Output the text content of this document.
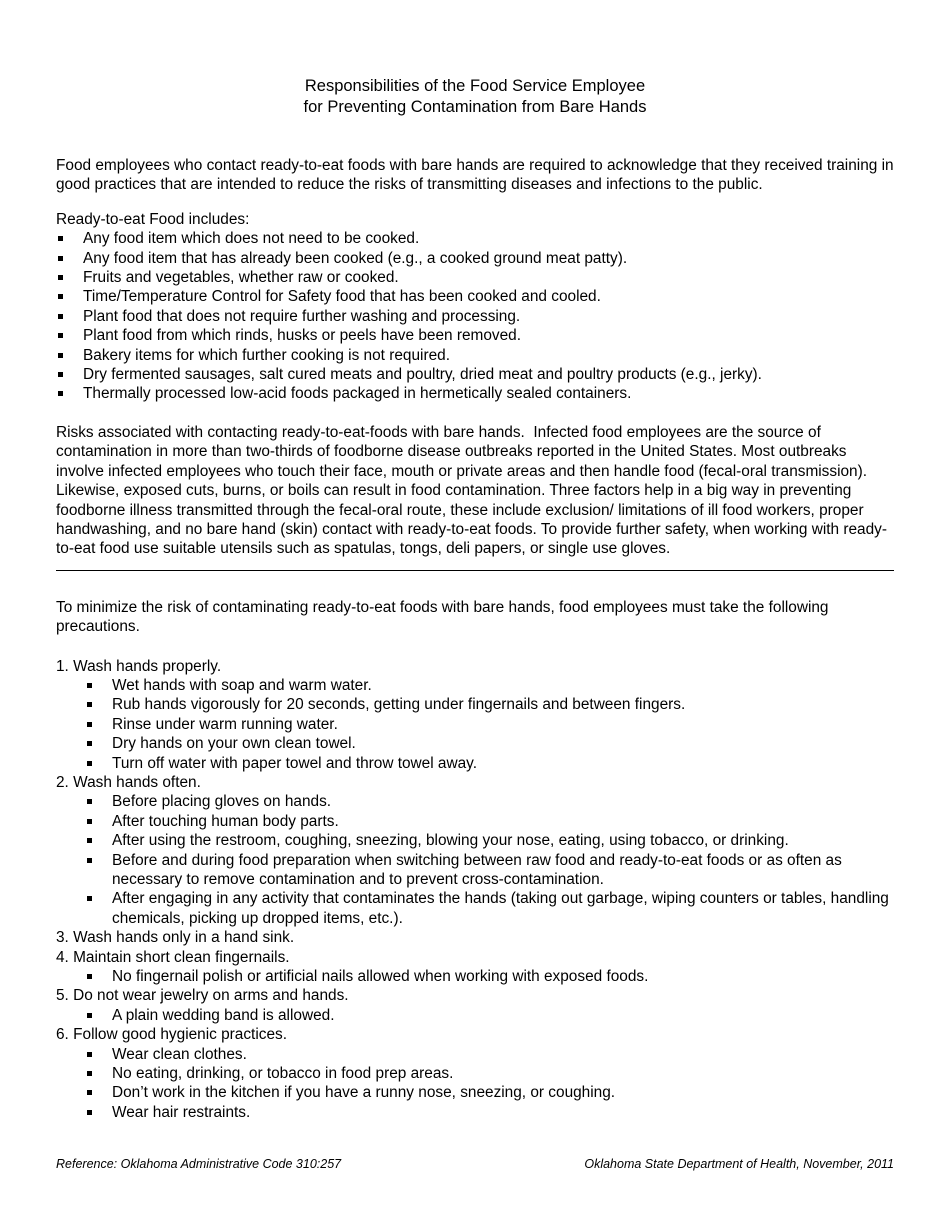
Responsibilities of the Food Service Employee
for Preventing Contamination from Bare Hands
Food employees who contact ready-to-eat foods with bare hands are required to acknowledge that they received training in good practices that are intended to reduce the risks of transmitting diseases and infections to the public.
Ready-to-eat Food includes:
Any food item which does not need to be cooked.
Any food item that has already been cooked (e.g., a cooked ground meat patty).
Fruits and vegetables, whether raw or cooked.
Time/Temperature Control for Safety food that has been cooked and cooled.
Plant food that does not require further washing and processing.
Plant food from which rinds, husks or peels have been removed.
Bakery items for which further cooking is not required.
Dry fermented sausages, salt cured meats and poultry, dried meat and poultry products (e.g., jerky).
Thermally processed low-acid foods packaged in hermetically sealed containers.
Risks associated with contacting ready-to-eat-foods with bare hands. Infected food employees are the source of contamination in more than two-thirds of foodborne disease outbreaks reported in the United States. Most outbreaks involve infected employees who touch their face, mouth or private areas and then handle food (fecal-oral transmission). Likewise, exposed cuts, burns, or boils can result in food contamination. Three factors help in a big way in preventing foodborne illness transmitted through the fecal-oral route, these include exclusion/ limitations of ill food workers, proper handwashing, and no bare hand (skin) contact with ready-to-eat foods. To provide further safety, when working with ready-to-eat food use suitable utensils such as spatulas, tongs, deli papers, or single use gloves.
To minimize the risk of contaminating ready-to-eat foods with bare hands, food employees must take the following precautions.
1. Wash hands properly.
Wet hands with soap and warm water.
Rub hands vigorously for 20 seconds, getting under fingernails and between fingers.
Rinse under warm running water.
Dry hands on your own clean towel.
Turn off water with paper towel and throw towel away.
2. Wash hands often.
Before placing gloves on hands.
After touching human body parts.
After using the restroom, coughing, sneezing, blowing your nose, eating, using tobacco, or drinking.
Before and during food preparation when switching between raw food and ready-to-eat foods or as often as necessary to remove contamination and to prevent cross-contamination.
After engaging in any activity that contaminates the hands (taking out garbage, wiping counters or tables, handling chemicals, picking up dropped items, etc.).
3. Wash hands only in a hand sink.
4. Maintain short clean fingernails.
No fingernail polish or artificial nails allowed when working with exposed foods.
5. Do not wear jewelry on arms and hands.
A plain wedding band is allowed.
6. Follow good hygienic practices.
Wear clean clothes.
No eating, drinking, or tobacco in food prep areas.
Don’t work in the kitchen if you have a runny nose, sneezing, or coughing.
Wear hair restraints.
Reference: Oklahoma Administrative Code 310:257	Oklahoma State Department of Health, November, 2011
